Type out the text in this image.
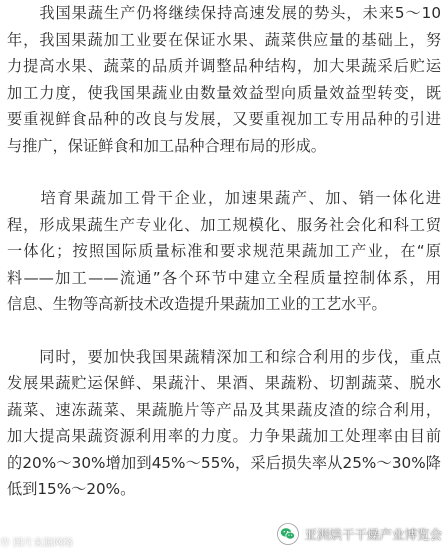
　　我国果蔬生产仍将继续保持高速发展的势头，未来5～10
年，我国果蔬加工业要在保证水果、蔬菜供应量的基础上，努
力提高水果、蔬菜的品质并调整品种结构，加大果蔬采后贮运
加工力度，使我国果蔬业由数量效益型向质量效益型转变，既
要重视鲜食品种的改良与发展，又要重视加工专用品种的引进
与推广，保证鲜食和加工品种合理布局的形成。

　　培育果蔬加工骨干企业，加速果蔬产、加、销一体化进
程，形成果蔬生产专业化、加工规模化、服务社会化和科工贸
一体化；按照国际质量标准和要求规范果蔬加工产业，在“原
料——加工——流通”各个环节中建立全程质量控制体系，用
信息、生物等高新技术改造提升果蔬加工业的工艺水平。

　　同时，要加快我国果蔬精深加工和综合利用的步伐，重点
发展果蔬贮运保鲜、果蔬汁、果酒、果蔬粉、切割蔬菜、脱水
蔬菜、速冻蔬菜、果蔬脆片等产品及其果蔬皮渣的综合利用，
加大提高果蔬资源利用率的力度。力争果蔬加工处理率由目前
的20%～30%增加到45%～55%，采后损失率从25%～30%降
低到15%～20%。

Ⓦ 图片来源网络
亚洲烘干干燥产业博览会
